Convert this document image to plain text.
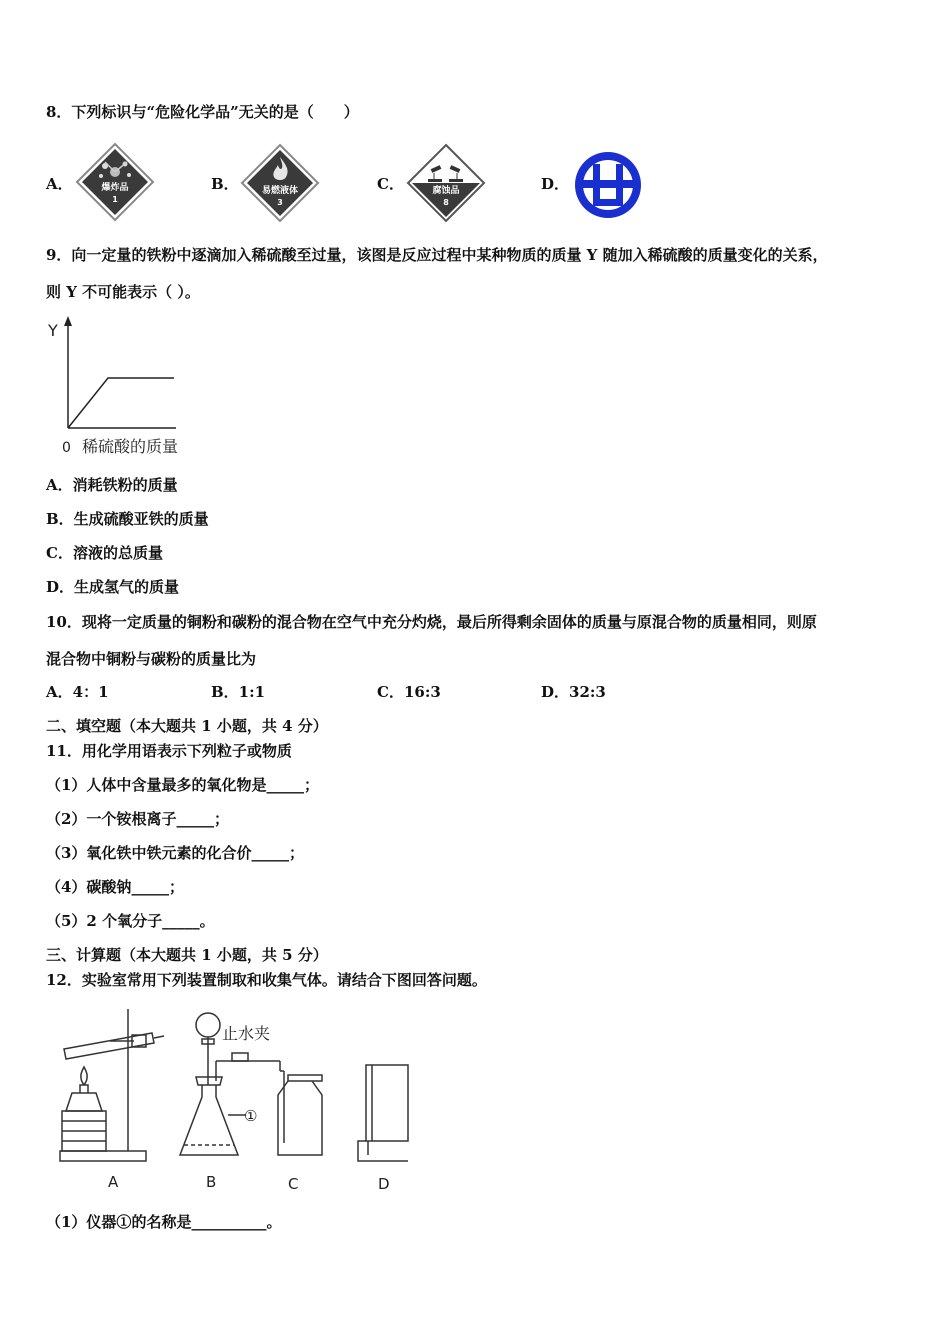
8．下列标识与“危险化学品”无关的是（　　）
A．	爆炸品
1
B．	易燃液体
3
C．	腐蚀品
8
D．
9．向一定量的铁粉中逐滴加入稀硫酸至过量，该图是反应过程中某种物质的质量 Y 随加入稀硫酸的质量变化的关系，
则 Y 不可能表示（ ）。
Y
0 稀硫酸的质量
A．消耗铁粉的质量
B．生成硫酸亚铁的质量
C．溶液的总质量
D．生成氢气的质量
10．现将一定质量的铜粉和碳粉的混合物在空气中充分灼烧，最后所得剩余固体的质量与原混合物的质量相同，则原
混合物中铜粉与碳粉的质量比为
A．4：1	B．1:1	C．16:3	D．32:3
二、填空题（本大题共 1 小题，共 4 分）
11．用化学用语表示下列粒子或物质
（1）人体中含量最多的氧化物是_____；
（2）一个铵根离子_____；
（3）氧化铁中铁元素的化合价_____；
（4）碳酸钠_____；
（5）2 个氧分子_____。
三、计算题（本大题共 1 小题，共 5 分）
12．实验室常用下列装置制取和收集气体。请结合下图回答问题。
止水夹
①
A	B	C	D
（1）仪器①的名称是__________。
